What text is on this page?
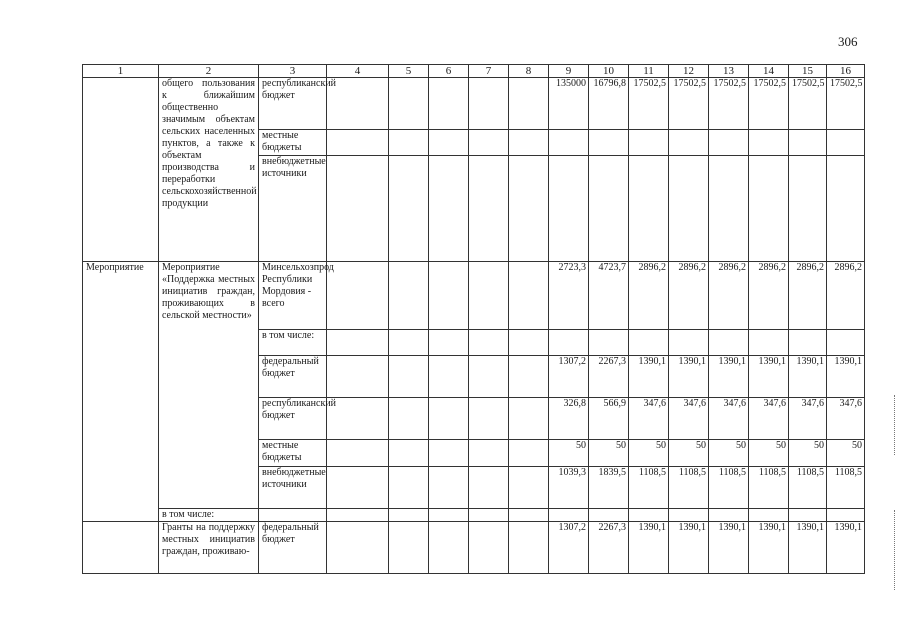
306
1	2	3	4	5	6	7	8	9	10	11	12	13	14	15	16
	общего пользования к ближайшим общественно значимым объектам сельских населенных пунктов, а также к объектам производства и переработки сельскохозяйственной продукции	республиканский бюджет						135000	16796,8	17502,5	17502,5	17502,5	17502,5	17502,5	17502,5
		местные бюджеты													
		внебюджетные источники													
Мероприятие	Мероприятие «Поддержка местных инициатив граждан, проживающих в сельской местности»	Минсельхозпрод Республики Мордовия - всего						2723,3	4723,7	2896,2	2896,2	2896,2	2896,2	2896,2	2896,2
		в том числе:													
		федеральный бюджет						1307,2	2267,3	1390,1	1390,1	1390,1	1390,1	1390,1	1390,1
		республиканский бюджет						326,8	566,9	347,6	347,6	347,6	347,6	347,6	347,6
		местные бюджеты						50	50	50	50	50	50	50	50
		внебюджетные источники						1039,3	1839,5	1108,5	1108,5	1108,5	1108,5	1108,5	1108,5
	в том числе:														
	Гранты на поддержку местных инициатив граждан, проживаю-	федеральный бюджет						1307,2	2267,3	1390,1	1390,1	1390,1	1390,1	1390,1	1390,1
